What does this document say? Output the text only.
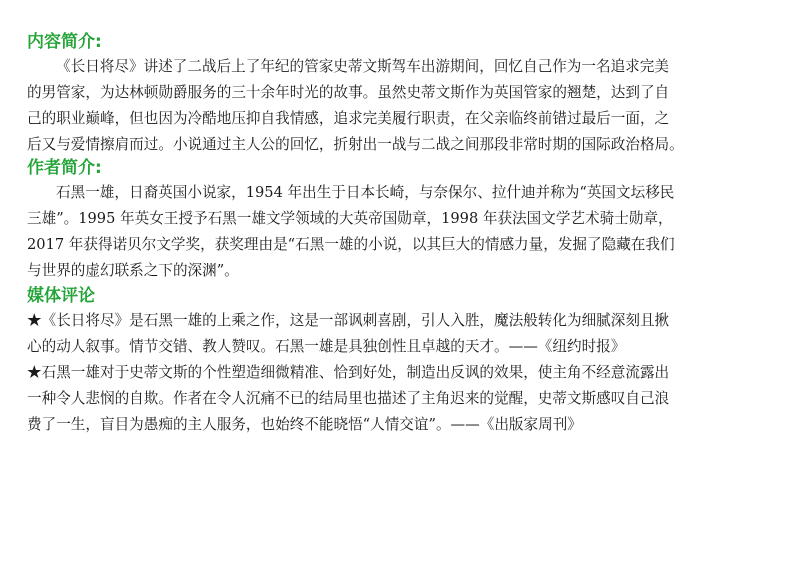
内容简介:
《长日将尽》讲述了二战后上了年纪的管家史蒂文斯驾车出游期间，回忆自己作为一名追求完美
的男管家，为达林顿勋爵服务的三十余年时光的故事。虽然史蒂文斯作为英国管家的翘楚，达到了自
己的职业巅峰，但也因为冷酷地压抑自我情感，追求完美履行职责，在父亲临终前错过最后一面，之
后又与爱情擦肩而过。小说通过主人公的回忆，折射出一战与二战之间那段非常时期的国际政治格局。
作者简介:
石黑一雄，日裔英国小说家，1954 年出生于日本长崎，与奈保尔、拉什迪并称为“英国文坛移民
三雄”。1995 年英女王授予石黑一雄文学领域的大英帝国勋章，1998 年获法国文学艺术骑士勋章，
2017 年获得诺贝尔文学奖，获奖理由是“石黑一雄的小说，以其巨大的情感力量，发掘了隐藏在我们
与世界的虚幻联系之下的深渊”。
媒体评论
★《长日将尽》是石黑一雄的上乘之作，这是一部讽刺喜剧，引人入胜，魔法般转化为细腻深刻且揪
心的动人叙事。情节交错、教人赞叹。石黑一雄是具独创性且卓越的天才。——《纽约时报》
★石黑一雄对于史蒂文斯的个性塑造细微精准、恰到好处，制造出反讽的效果，使主角不经意流露出
一种令人悲悯的自欺。作者在令人沉痛不已的结局里也描述了主角迟来的觉醒，史蒂文斯感叹自己浪
费了一生，盲目为愚痴的主人服务，也始终不能晓悟“人情交谊”。——《出版家周刊》
